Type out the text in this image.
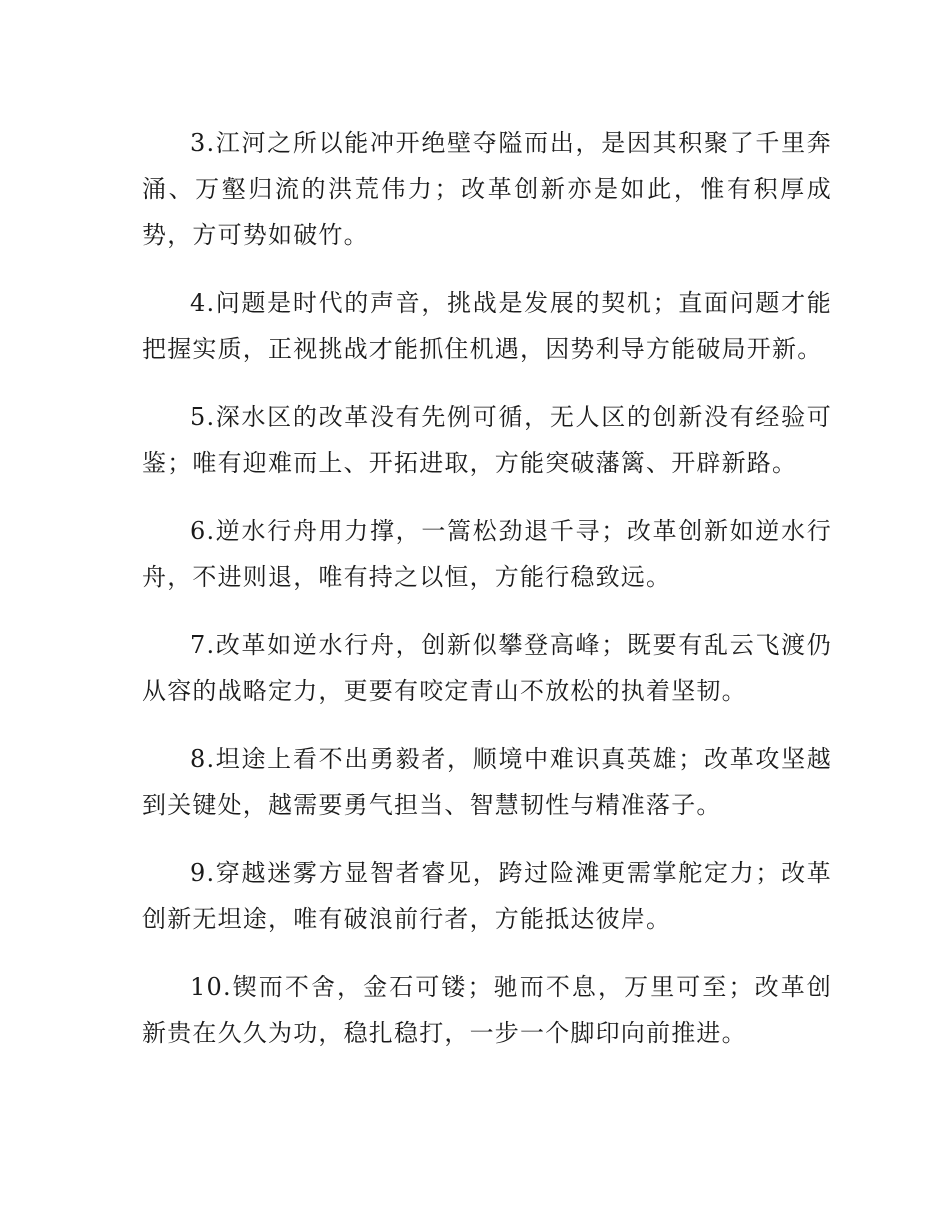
3.江河之所以能冲开绝壁夺隘而出，是因其积聚了千里奔涌、万壑归流的洪荒伟力；改革创新亦是如此，惟有积厚成势，方可势如破竹。

4.问题是时代的声音，挑战是发展的契机；直面问题才能把握实质，正视挑战才能抓住机遇，因势利导方能破局开新。

5.深水区的改革没有先例可循，无人区的创新没有经验可鉴；唯有迎难而上、开拓进取，方能突破藩篱、开辟新路。

6.逆水行舟用力撑，一篙松劲退千寻；改革创新如逆水行舟，不进则退，唯有持之以恒，方能行稳致远。

7.改革如逆水行舟，创新似攀登高峰；既要有乱云飞渡仍从容的战略定力，更要有咬定青山不放松的执着坚韧。

8.坦途上看不出勇毅者，顺境中难识真英雄；改革攻坚越到关键处，越需要勇气担当、智慧韧性与精准落子。

9.穿越迷雾方显智者睿见，跨过险滩更需掌舵定力；改革创新无坦途，唯有破浪前行者，方能抵达彼岸。

10.锲而不舍，金石可镂；驰而不息，万里可至；改革创新贵在久久为功，稳扎稳打，一步一个脚印向前推进。
